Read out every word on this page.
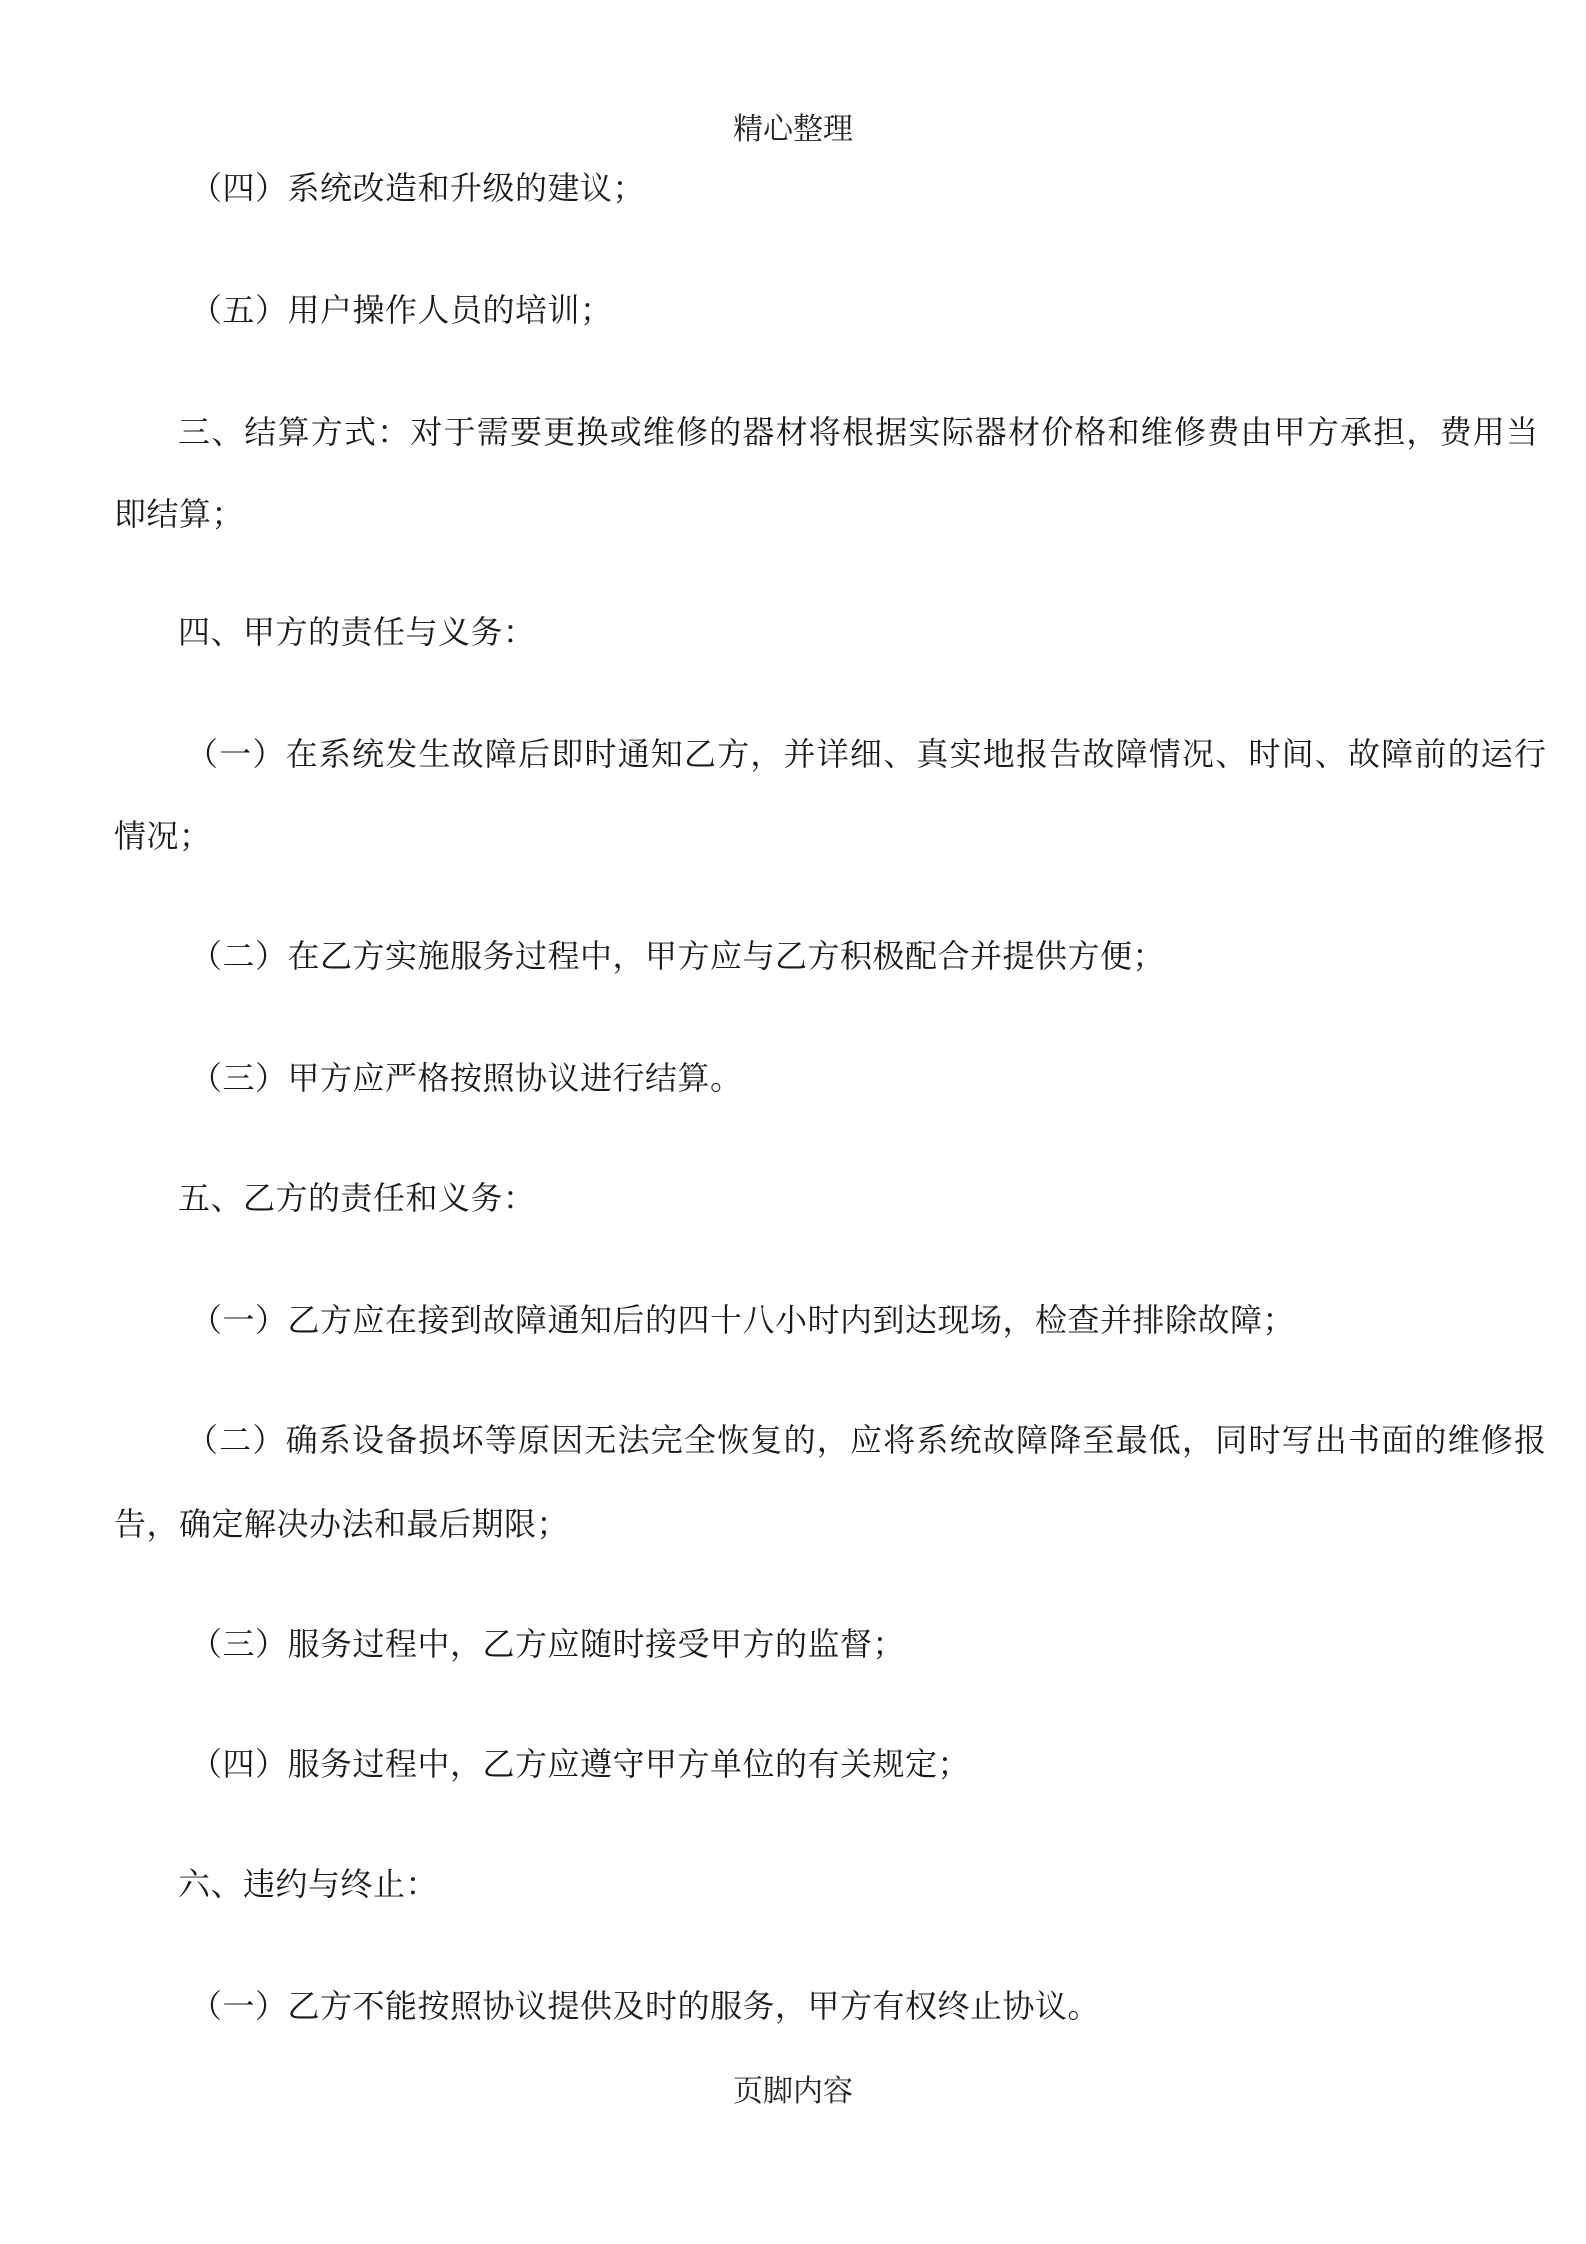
精心整理
（四）系统改造和升级的建议；
（五）用户操作人员的培训；
三、结算方式：对于需要更换或维修的器材将根据实际器材价格和维修费由甲方承担，费用当
即结算；
四、甲方的责任与义务：
（一）在系统发生故障后即时通知乙方，并详细、真实地报告故障情况、时间、故障前的运行
情况；
（二）在乙方实施服务过程中，甲方应与乙方积极配合并提供方便；
（三）甲方应严格按照协议进行结算。
五、乙方的责任和义务：
（一）乙方应在接到故障通知后的四十八小时内到达现场，检查并排除故障；
（二）确系设备损坏等原因无法完全恢复的，应将系统故障降至最低，同时写出书面的维修报
告，确定解决办法和最后期限；
（三）服务过程中，乙方应随时接受甲方的监督；
（四）服务过程中，乙方应遵守甲方单位的有关规定；
六、违约与终止：
（一）乙方不能按照协议提供及时的服务，甲方有权终止协议。
页脚内容
